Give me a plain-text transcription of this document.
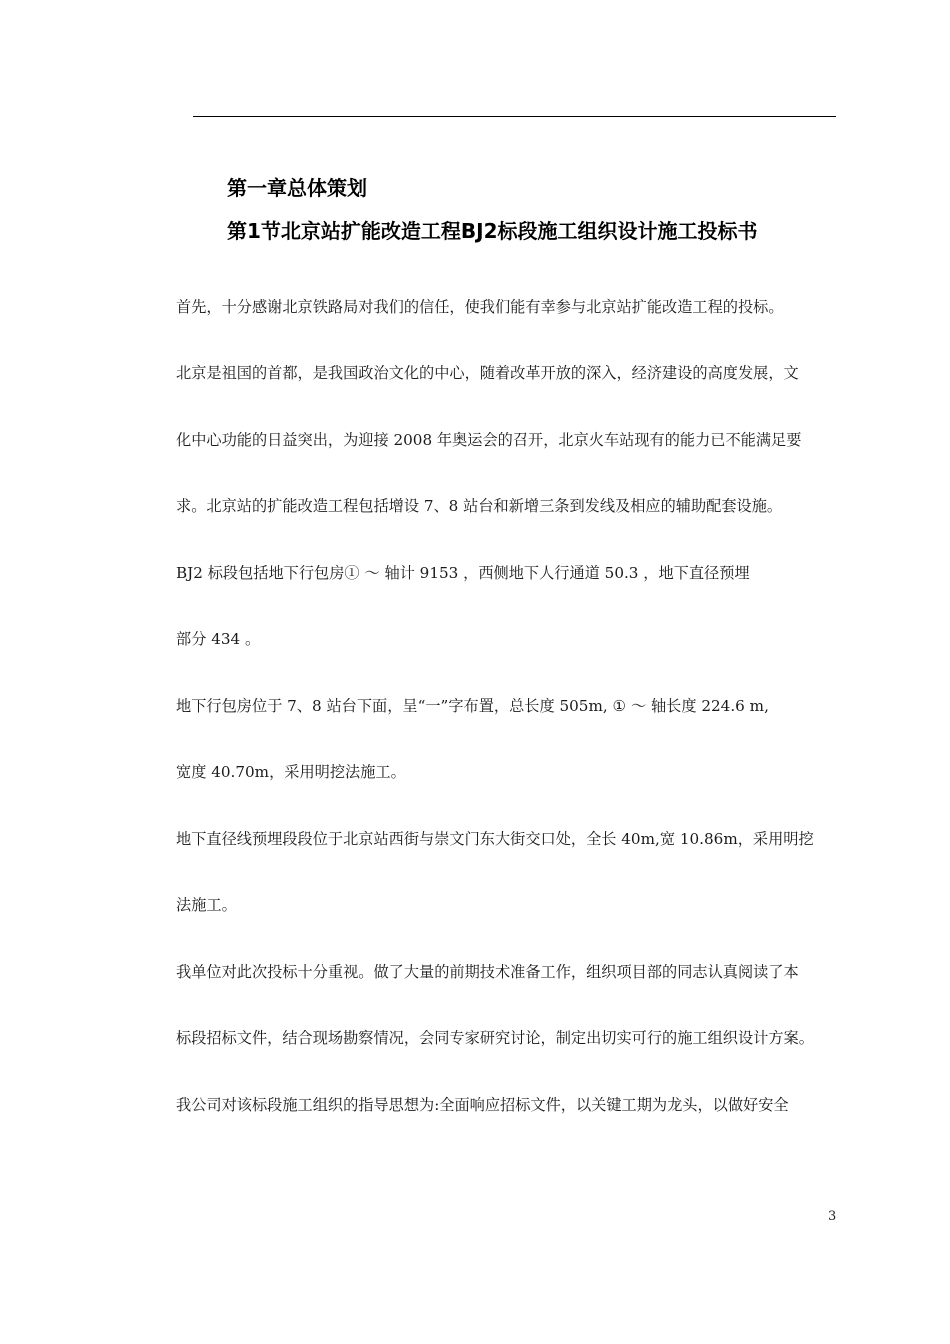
第一章总体策划
第1节北京站扩能改造工程BJ2标段施工组织设计施工投标书
首先，十分感谢北京铁路局对我们的信任，使我们能有幸参与北京站扩能改造工程的投标。
北京是祖国的首都，是我国政治文化的中心，随着改革开放的深入，经济建设的高度发展，文
化中心功能的日益突出，为迎接 2008 年奥运会的召开，北京火车站现有的能力已不能满足要
求。北京站的扩能改造工程包括增设 7、8 站台和新增三条到发线及相应的辅助配套设施。
BJ2 标段包括地下行包房① ～ 轴计 9153 ，西侧地下人行通道 50.3 ，地下直径预埋
部分 434 。
地下行包房位于 7、8 站台下面，呈“一”字布置，总长度 505m, ① ～ 轴长度 224.6 m,
宽度 40.70m，采用明挖法施工。
地下直径线预埋段段位于北京站西街与崇文门东大街交口处，全长 40m,宽 10.86m，采用明挖
法施工。
我单位对此次投标十分重视。做了大量的前期技术准备工作，组织项目部的同志认真阅读了本
标段招标文件，结合现场勘察情况，会同专家研究讨论，制定出切实可行的施工组织设计方案。
我公司对该标段施工组织的指导思想为:全面响应招标文件，以关键工期为龙头，以做好安全
3
